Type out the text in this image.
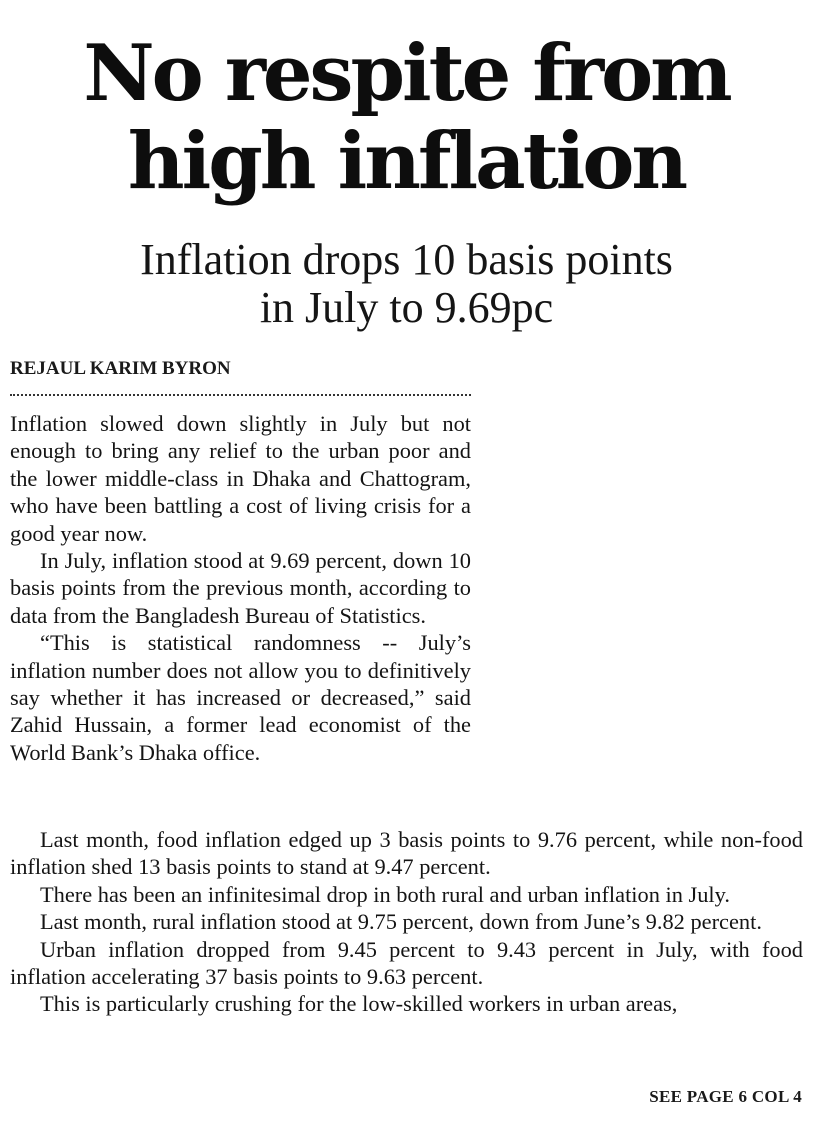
No respite from
high inflation
Inflation drops 10 basis points
in July to 9.69pc
REJAUL KARIM BYRON

Inflation slowed down slightly in July but not enough to bring any relief to the urban poor and the lower middle-class in Dhaka and Chattogram, who have been battling a cost of living crisis for a good year now.

In July, inflation stood at 9.69 percent, down 10 basis points from the previous month, according to data from the Bangladesh Bureau of Statistics.

“This is statistical randomness -- July’s inflation number does not allow you to definitively say whether it has increased or decreased,” said Zahid Hussain, a former lead economist of the World Bank’s Dhaka office.

Last month, food inflation edged up 3 basis points to 9.76 percent, while non-food inflation shed 13 basis points to stand at 9.47 percent.

There has been an infinitesimal drop in both rural and urban inflation in July.

Last month, rural inflation stood at 9.75 percent, down from June’s 9.82 percent.

Urban inflation dropped from 9.45 percent to 9.43 percent in July, with food inflation accelerating 37 basis points to 9.63 percent.

This is particularly crushing for the low-skilled workers in urban areas,

SEE PAGE 6 COL 4
